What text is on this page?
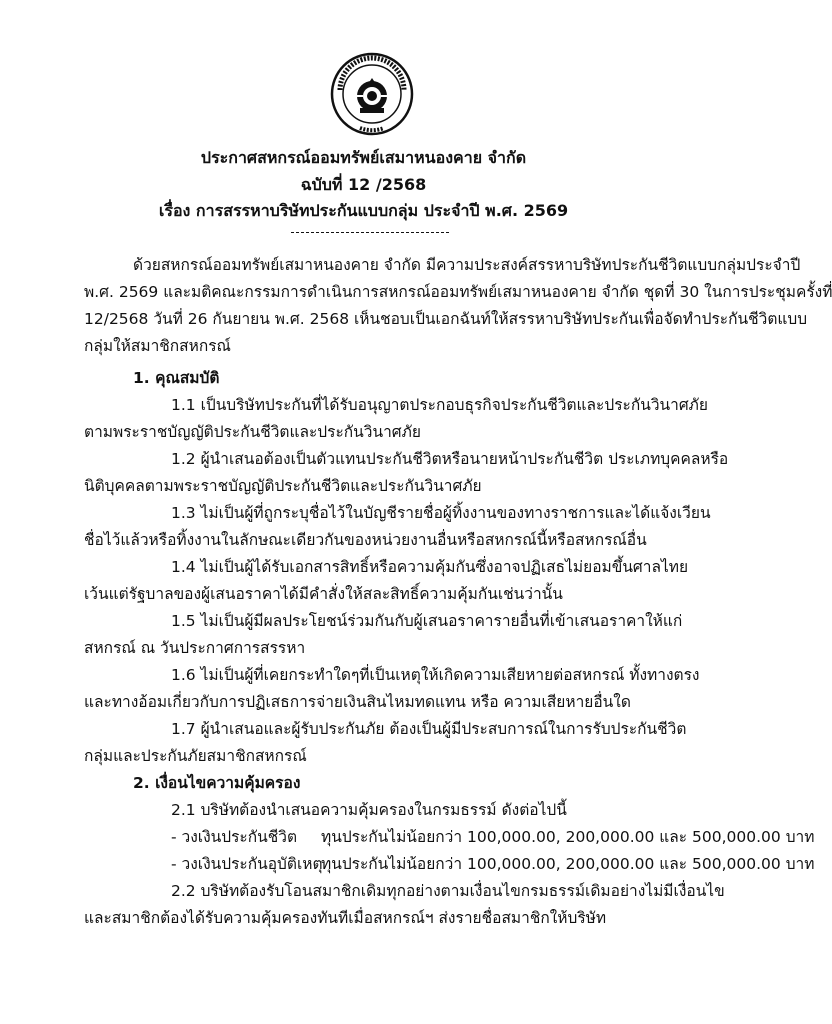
ประกาศสหกรณ์ออมทรัพย์เสมาหนองคาย จำกัด
ฉบับที่ 12 /2568
เรื่อง การสรรหาบริษัทประกันแบบกลุ่ม ประจำปี พ.ศ. 2569
ด้วยสหกรณ์ออมทรัพย์เสมาหนองคาย จำกัด มีความประสงค์สรรหาบริษัทประกันชีวิตแบบกลุ่มประจำปี
พ.ศ. 2569 และมติคณะกรรมการดำเนินการสหกรณ์ออมทรัพย์เสมาหนองคาย จำกัด ชุดที่ 30 ในการประชุมครั้งที่
12/2568 วันที่ 26 กันยายน พ.ศ. 2568 เห็นชอบเป็นเอกฉันท์ให้สรรหาบริษัทประกันเพื่อจัดทำประกันชีวิตแบบ
กลุ่มให้สมาชิกสหกรณ์
1. คุณสมบัติ
1.1 เป็นบริษัทประกันที่ได้รับอนุญาตประกอบธุรกิจประกันชีวิตและประกันวินาศภัย
ตามพระราชบัญญัติประกันชีวิตและประกันวินาศภัย
1.2 ผู้นำเสนอต้องเป็นตัวแทนประกันชีวิตหรือนายหน้าประกันชีวิต ประเภทบุคคลหรือ
นิติบุคคลตามพระราชบัญญัติประกันชีวิตและประกันวินาศภัย
1.3 ไม่เป็นผู้ที่ถูกระบุชื่อไว้ในบัญชีรายชื่อผู้ทิ้งงานของทางราชการและได้แจ้งเวียน
ชื่อไว้แล้วหรือทิ้งงานในลักษณะเดียวกันของหน่วยงานอื่นหรือสหกรณ์นี้หรือสหกรณ์อื่น
1.4 ไม่เป็นผู้ได้รับเอกสารสิทธิ์หรือความคุ้มกันซึ่งอาจปฏิเสธไม่ยอมขึ้นศาลไทย
เว้นแต่รัฐบาลของผู้เสนอราคาได้มีคำสั่งให้สละสิทธิ์ความคุ้มกันเช่นว่านั้น
1.5 ไม่เป็นผู้มีผลประโยชน์ร่วมกันกับผู้เสนอราคารายอื่นที่เข้าเสนอราคาให้แก่
สหกรณ์ ณ วันประกาศการสรรหา
1.6 ไม่เป็นผู้ที่เคยกระทำใดๆที่เป็นเหตุให้เกิดความเสียหายต่อสหกรณ์ ทั้งทางตรง
และทางอ้อมเกี่ยวกับการปฏิเสธการจ่ายเงินสินไหมทดแทน หรือ ความเสียหายอื่นใด
1.7 ผู้นำเสนอและผู้รับประกันภัย ต้องเป็นผู้มีประสบการณ์ในการรับประกันชีวิต
กลุ่มและประกันภัยสมาชิกสหกรณ์
2. เงื่อนไขความคุ้มครอง
2.1 บริษัทต้องนำเสนอความคุ้มครองในกรมธรรม์ ดังต่อไปนี้
- วงเงินประกันชีวิต ทุนประกันไม่น้อยกว่า 100,000.00, 200,000.00 และ 500,000.00 บาท
- วงเงินประกันอุบัติเหตุ
ทุนประกันไม่น้อยกว่า 100,000.00, 200,000.00 และ 500,000.00 บาท
2.2 บริษัทต้องรับโอนสมาชิกเดิมทุกอย่างตามเงื่อนไขกรมธรรม์เดิมอย่างไม่มีเงื่อนไข
และสมาชิกต้องได้รับความคุ้มครองทันทีเมื่อสหกรณ์ฯ ส่งรายชื่อสมาชิกให้บริษัท
